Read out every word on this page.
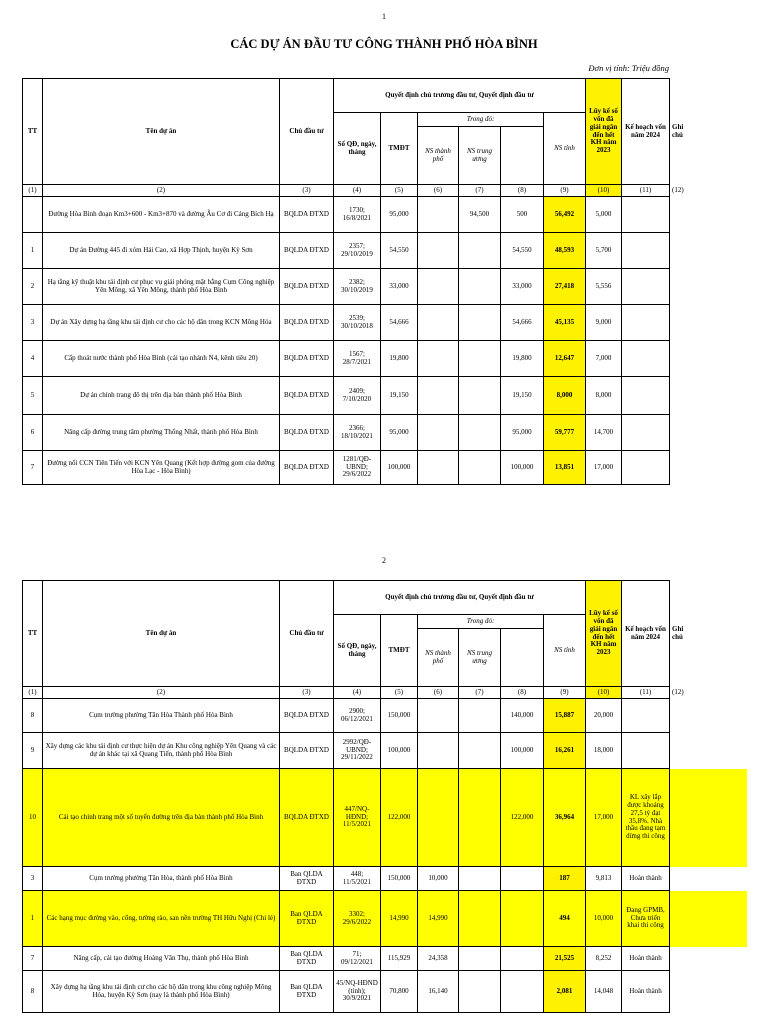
1
CÁC DỰ ÁN ĐẦU TƯ CÔNG THÀNH PHỐ HÒA BÌNH
Đơn vị tính: Triệu đồng
TT	Tên dự án	Chủ đầu tư	Quyết định chủ trương đầu tư, Quyết định đầu tư						Lũy kế số vốn đã giải ngân đến hết KH năm 2023	Kế hoạch vốn năm 2024	Ghi chú
			Số QĐ, ngày, tháng	TMĐT	Trong đó:			NS tỉnh			
					NS thành phố	NS trung ương					
(1)	(2)	(3)	(4)	(5)	(6)	(7)	(8)	(9)	(10)	(11)	(12)
	Đường Hòa Bình đoạn Km3+600 - Km3+870 và đường Âu Cơ đi Cảng Bích Hạ	BQLDA ĐTXD	1730; 16/8/2021	95,000		94,500	500	56,492	5,000		
1	Dự án Đường 445 đi xóm Hải Cao, xã Hợp Thịnh, huyện Kỳ Sơn	BQLDA ĐTXD	2357; 29/10/2019	54,550			54,550	48,593	5,700		
2	Hạ tầng kỹ thuật khu tái định cư phục vụ giải phóng mặt bằng Cụm Công nghiệp Yên Mông, xã Yên Mông, thành phố Hòa Bình	BQLDA ĐTXD	2382; 30/10/2019	33,000			33,000	27,418	5,556		
3	Dự án Xây dựng hạ tầng khu tái định cư cho các hộ dân trong KCN Mông Hóa	BQLDA ĐTXD	2539; 30/10/2018	54,666			54,666	45,135	9,000		
4	Cấp thoát nước thành phố Hòa Bình (cải tạo nhánh N4, kênh tiêu 20)	BQLDA ĐTXD	1567; 28/7/2021	19,800			19,800	12,647	7,000		
5	Dự án chỉnh trang đô thị trên địa bàn thành phố Hòa Bình	BQLDA ĐTXD	2409; 7/10/2020	19,150			19,150	8,000	8,000		
6	Nâng cấp đường trung tâm phường Thống Nhất, thành phố Hòa Bình	BQLDA ĐTXD	2366; 18/10/2021	95,000			95,000	59,777	14,700		
7	Đường nối CCN Tiên Tiến với KCN Yên Quang (Kết hợp đường gom của đường Hòa Lạc - Hòa Bình)	BQLDA ĐTXD	1281/QĐ-UBND; 29/6/2022	100,000			100,000	13,851	17,000		
2
TT	Tên dự án	Chủ đầu tư	Quyết định chủ trương đầu tư, Quyết định đầu tư						Lũy kế số vốn đã giải ngân đến hết KH năm 2023	Kế hoạch vốn năm 2024	Ghi chú
			Số QĐ, ngày, tháng	TMĐT	Trong đó:			NS tỉnh			
					NS thành phố	NS trung ương					
(1)	(2)	(3)	(4)	(5)	(6)	(7)	(8)	(9)	(10)	(11)	(12)
8	Cụm trường phường Tân Hòa Thành phố Hòa Bình	BQLDA ĐTXD	2900; 06/12/2021	150,000			140,000	15,887	20,000		
9	Xây dựng các khu tái định cư thực hiện dự án Khu công nghiệp Yên Quang và các dự án khác tại xã Quang Tiến, thành phố Hòa Bình	BQLDA ĐTXD	2992/QĐ-UBND; 29/11/2022	100,000			100,000	16,261	18,000		
10	Cải tạo chỉnh trang một số tuyến đường trên địa bàn thành phố Hòa Bình	BQLDA ĐTXD	447/NQ-HĐND; 11/5/2021	122,000			122,000	36,964	17,000	KL xây lắp được khoảng 27,5 tỷ đạt 35,8%. Nhà thầu đang tạm dừng thi công	
3	Cụm trường phường Tân Hòa, thành phố Hòa Bình	Ban QLDA ĐTXD	448; 11/5/2021	150,000	10,000			187	9,813	Hoàn thành	
1	Các hạng mục đường vào, cổng, tường rào, san nền trường TH Hữu Nghị (Chi lẻ)	Ban QLDA ĐTXD	3302; 29/6/2022	14,990	14,990			494	10,000	Đang GPMB, Chưa triển khai thi công	
7	Nâng cấp, cải tạo đường Hoàng Văn Thụ, thành phố Hòa Bình	Ban QLDA ĐTXD	71; 09/12/2021	115,929	24,358			21,525	8,252	Hoàn thành	
8	Xây dựng hạ tầng khu tái định cư cho các hộ dân trong khu công nghiệp Mông Hóa, huyện Kỳ Sơn (nay là thành phố Hòa Bình)	Ban QLDA ĐTXD	45/NQ-HĐND (tỉnh); 30/9/2021	70,800	16,140			2,081	14,048	Hoàn thành	
